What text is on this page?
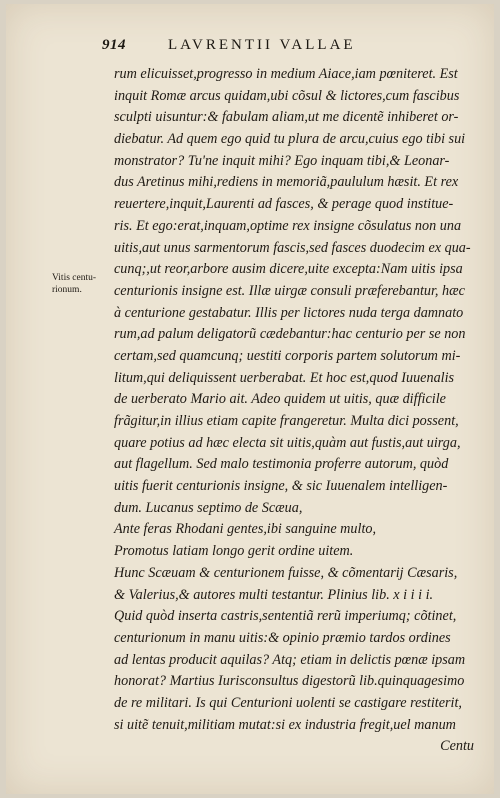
914	LAVRENTII VALLAE
Vitis centu-
rionum.
rum elicuisset,progresso in medium Aiace,iam pœniteret. Est
inquit Romæ arcus quidam,ubi cõsul & lictores,cum fascibus
sculpti uisuntur:& fabulam aliam,ut me dicentẽ inhiberet or-
diebatur. Ad quem ego quid tu plura de arcu,cuius ego tibi sui
monstrator? Tu'ne inquit mihi? Ego inquam tibi,& Leonar-
dus Aretinus mihi,rediens in memoriã,paululum hæsit. Et rex
reuertere,inquit,Laurenti ad fasces, & perage quod institue-
ris. Et ego:erat,inquam,optime rex insigne cõsulatus non una
uitis,aut unus sarmentorum fascis,sed fasces duodecim ex qua-
cunq;,ut reor,arbore ausim dicere,uite excepta:Nam uitis ipsa
centurionis insigne est. Illæ uirgæ consuli præferebantur, hæc
à centurione gestabatur. Illis per lictores nuda terga damnato
rum,ad palum deligatorũ cædebantur:hac centurio per se non
certam,sed quamcunq; uestiti corporis partem solutorum mi-
litum,qui deliquissent uerberabat. Et hoc est,quod Iuuenalis
de uerberato Mario ait. Adeo quidem ut uitis, quæ difficile
frãgitur,in illius etiam capite frangeretur. Multa dici possent,
quare potius ad hæc electa sit uitis,quàm aut fustis,aut uirga,
aut flagellum. Sed malo testimonia proferre autorum, quòd
uitis fuerit centurionis insigne, & sic Iuuenalem intelligen-
dum. Lucanus septimo de Scæua,
Ante feras Rhodani gentes,ibi sanguine multo,
Promotus latiam longo gerit ordine uitem.
Hunc Scæuam & centurionem fuisse, & cõmentarij Cæsaris,
& Valerius,& autores multi testantur. Plinius lib. x i i i i.
Quid quòd inserta castris,sententiã rerũ imperiumq; cõtinet,
centurionum in manu uitis:& opinio præmio tardos ordines
ad lentas producit aquilas? Atq; etiam in delictis pœnæ ipsam
honorat? Martius Iurisconsultus digestorũ lib.quinquagesimo
de re militari. Is qui Centurioni uolenti se castigare restiterit,
si uitẽ tenuit,militiam mutat:si ex industria fregit,uel manum
Centu
